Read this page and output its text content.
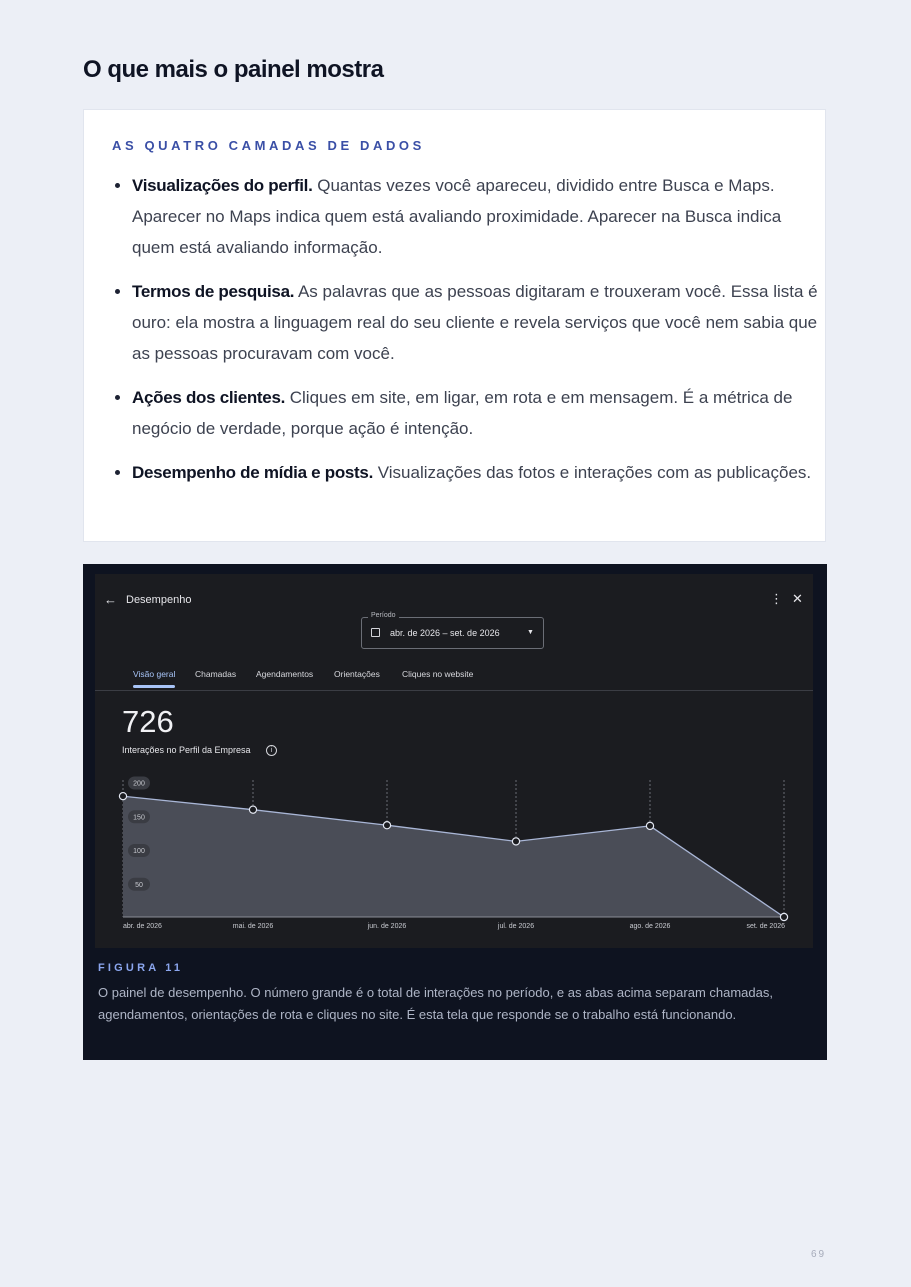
O que mais o painel mostra
AS QUATRO CAMADAS DE DADOS
• Visualizações do perfil. Quantas vezes você apareceu, dividido entre Busca e Maps. Aparecer no Maps indica quem está avaliando proximidade. Aparecer na Busca indica quem está avaliando informação.
• Termos de pesquisa. As palavras que as pessoas digitaram e trouxeram você. Essa lista é ouro: ela mostra a linguagem real do seu cliente e revela serviços que você nem sabia que as pessoas procuravam com você.
• Ações dos clientes. Cliques em site, em ligar, em rota e em mensagem. É a métrica de negócio de verdade, porque ação é intenção.
• Desempenho de mídia e posts. Visualizações das fotos e interações com as publicações.
← Desempenho	⋮ ✕
Período
abr. de 2026 – set. de 2026	▼
Visão geral Chamadas Agendamentos Orientações	Cliques no website
726
Interações no Perfil da Empresa	i
200
150
100
50
abr. de 2026	mai. de 2026	jun. de 2026	jul. de 2026	ago. de 2026	set. de 2026
FIGURA 11

O painel de desempenho. O número grande é o total de interações no período, e as abas acima separam chamadas, agendamentos, orientações de rota e cliques no site. É esta tela que responde se o trabalho está funcionando.

69
